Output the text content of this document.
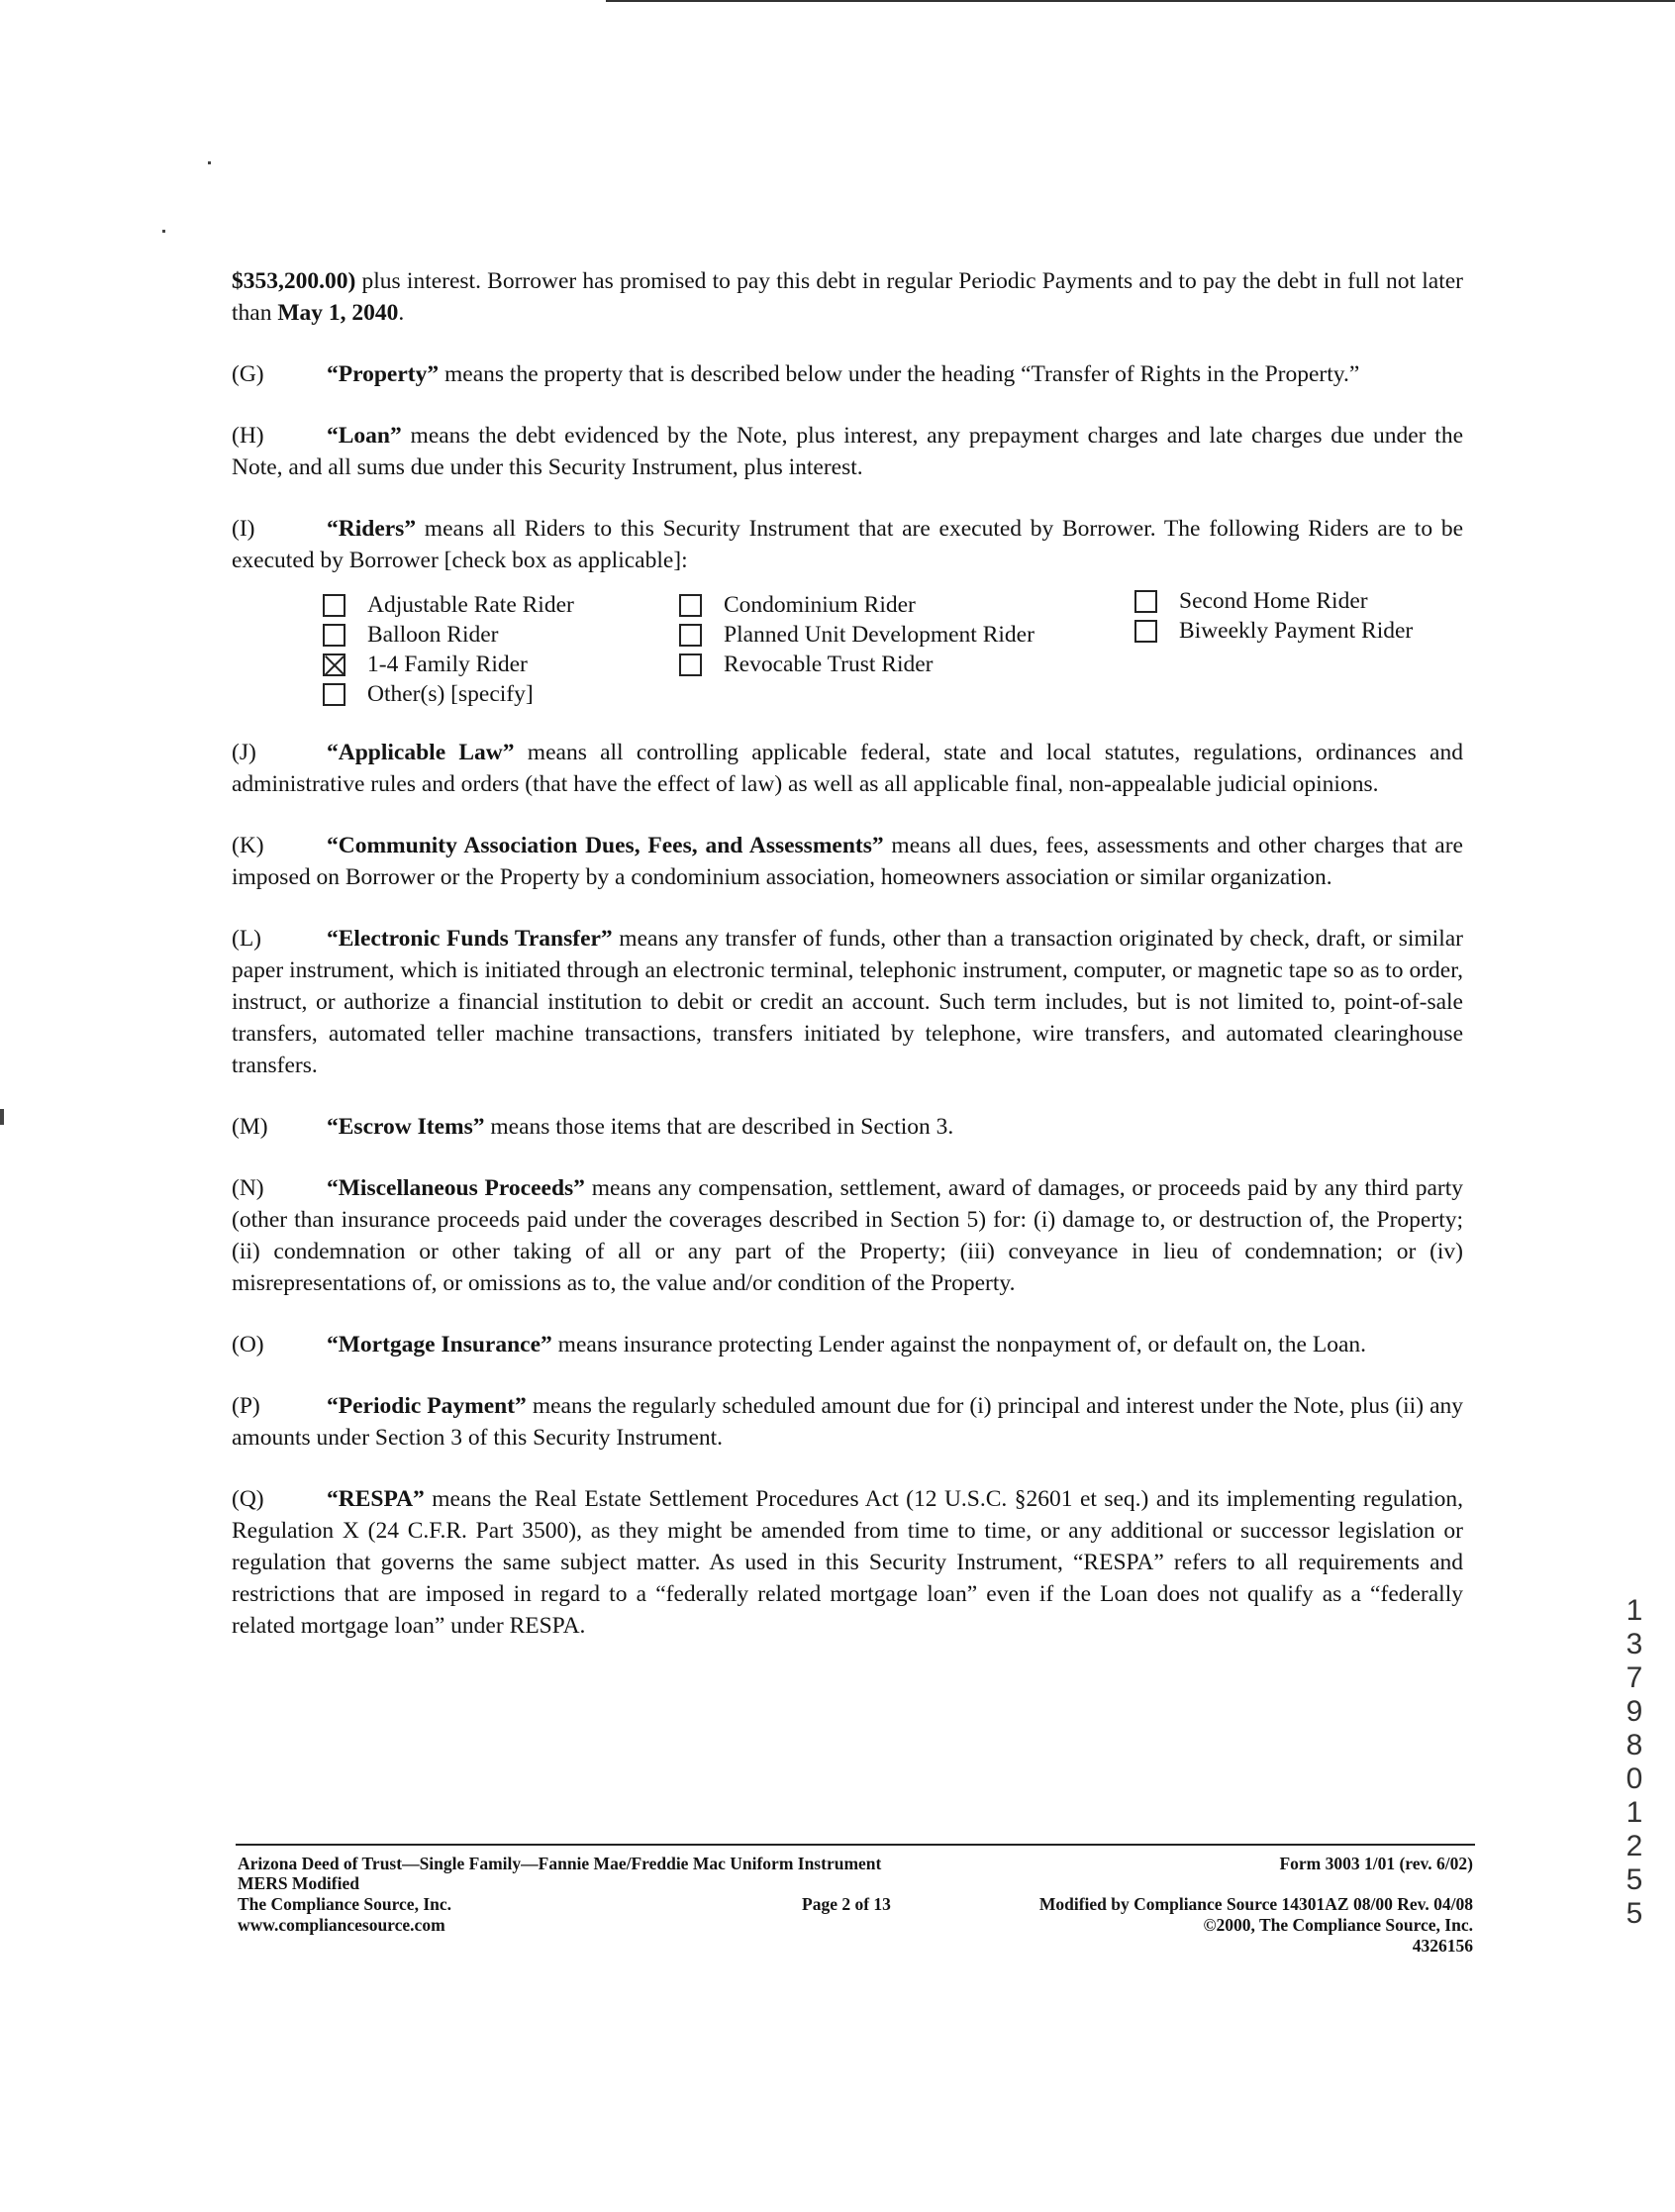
$353,200.00) plus interest. Borrower has promised to pay this debt in regular Periodic Payments and to pay the debt in full not later than May 1, 2040.

(G)	“Property” means the property that is described below under the heading “Transfer of Rights in the Property.”

(H)	“Loan” means the debt evidenced by the Note, plus interest, any prepayment charges and late charges due under the Note, and all sums due under this Security Instrument, plus interest.

(I)	“Riders” means all Riders to this Security Instrument that are executed by Borrower. The following Riders are to be executed by Borrower [check box as applicable]:

Adjustable Rate Rider
Balloon Rider
1-4 Family Rider
Other(s) [specify]
Condominium Rider
Planned Unit Development Rider
Revocable Trust Rider
Second Home Rider
Biweekly Payment Rider

(J)	“Applicable Law” means all controlling applicable federal, state and local statutes, regulations, ordinances and administrative rules and orders (that have the effect of law) as well as all applicable final, non-appealable judicial opinions.

(K)	“Community Association Dues, Fees, and Assessments” means all dues, fees, assessments and other charges that are imposed on Borrower or the Property by a condominium association, homeowners association or similar organization.

(L)	“Electronic Funds Transfer” means any transfer of funds, other than a transaction originated by check, draft, or similar paper instrument, which is initiated through an electronic terminal, telephonic instrument, computer, or magnetic tape so as to order, instruct, or authorize a financial institution to debit or credit an account. Such term includes, but is not limited to, point-of-sale transfers, automated teller machine transactions, transfers initiated by telephone, wire transfers, and automated clearinghouse transfers.

(M)	“Escrow Items” means those items that are described in Section 3.

(N)	“Miscellaneous Proceeds” means any compensation, settlement, award of damages, or proceeds paid by any third party (other than insurance proceeds paid under the coverages described in Section 5) for: (i) damage to, or destruction of, the Property; (ii) condemnation or other taking of all or any part of the Property; (iii) conveyance in lieu of condemnation; or (iv) misrepresentations of, or omissions as to, the value and/or condition of the Property.

(O)	“Mortgage Insurance” means insurance protecting Lender against the nonpayment of, or default on, the Loan.

(P)	“Periodic Payment” means the regularly scheduled amount due for (i) principal and interest under the Note, plus (ii) any amounts under Section 3 of this Security Instrument.

(Q)	“RESPA” means the Real Estate Settlement Procedures Act (12 U.S.C. §2601 et seq.) and its implementing regulation, Regulation X (24 C.F.R. Part 3500), as they might be amended from time to time, or any additional or successor legislation or regulation that governs the same subject matter. As used in this Security Instrument, “RESPA” refers to all requirements and restrictions that are imposed in regard to a “federally related mortgage loan” even if the Loan does not qualify as a “federally related mortgage loan” under RESPA.

Arizona Deed of Trust—Single Family—Fannie Mae/Freddie Mac Uniform Instrument	Form 3003 1/01 (rev. 6/02)
MERS Modified
The Compliance Source, Inc.	Page 2 of 13	Modified by Compliance Source 14301AZ 08/00 Rev. 04/08
www.compliancesource.com	©2000, The Compliance Source, Inc.
4326156
1
3
7
9
8
0
1
2
5
5
